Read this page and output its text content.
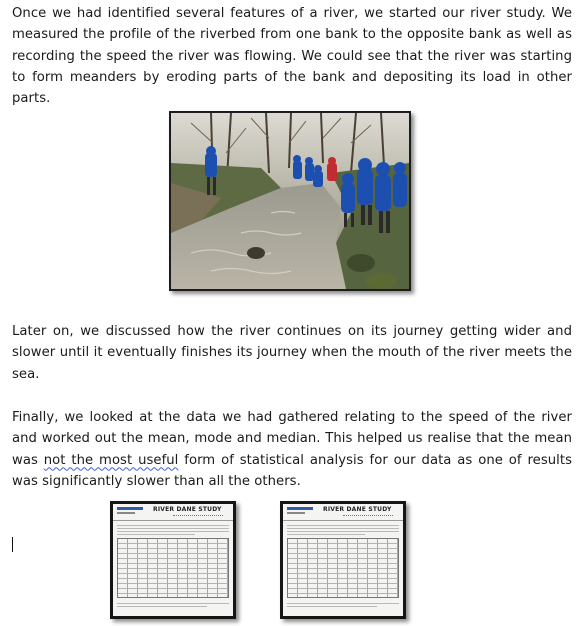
Once we had identified several features of a river, we started our river study. We measured the profile of the riverbed from one bank to the opposite bank as well as recording the speed the river was flowing. We could see that the river was starting to form meanders by eroding parts of the bank and depositing its load in other parts.

Later on, we discussed how the river continues on its journey getting wider and slower until it eventually finishes its journey when the mouth of the river meets the sea.

Finally, we looked at the data we had gathered relating to the speed of the river and worked out the mean, mode and median. This helped us realise that the mean was not the most useful form of statistical analysis for our data as one of results was significantly slower than all the others.

RIVER DANE STUDY	RIVER DANE STUDY
